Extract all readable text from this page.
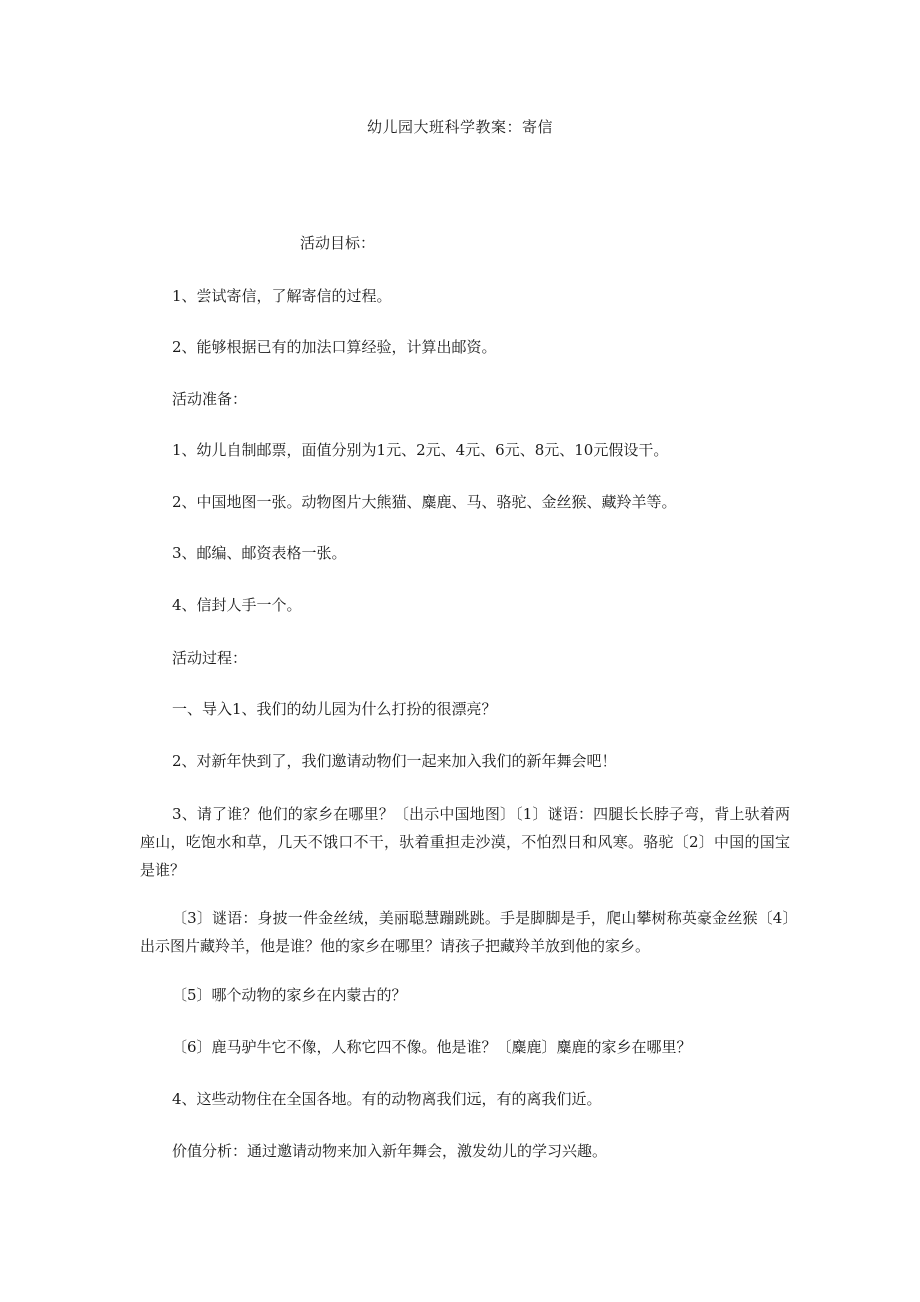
幼儿园大班科学教案：寄信
活动目标：
1、尝试寄信，了解寄信的过程。
2、能够根据已有的加法口算经验，计算出邮资。
活动准备：
1、幼儿自制邮票，面值分别为1元、2元、4元、6元、8元、10元假设干。
2、中国地图一张。动物图片大熊猫、麋鹿、马、骆驼、金丝猴、藏羚羊等。
3、邮编、邮资表格一张。
4、信封人手一个。
活动过程：
一、导入1、我们的幼儿园为什么打扮的很漂亮？
2、对新年快到了，我们邀请动物们一起来加入我们的新年舞会吧！
3、请了谁？他们的家乡在哪里？〔出示中国地图〕〔1〕谜语：四腿长长脖子弯，背上驮着两座山，吃饱水和草，几天不饿口不干，驮着重担走沙漠，不怕烈日和风寒。骆驼〔2〕中国的国宝是谁？
〔3〕谜语：身披一件金丝绒，美丽聪慧蹦跳跳。手是脚脚是手，爬山攀树称英豪金丝猴〔4〕出示图片藏羚羊，他是谁？他的家乡在哪里？请孩子把藏羚羊放到他的家乡。
〔5〕哪个动物的家乡在内蒙古的？
〔6〕鹿马驴牛它不像，人称它四不像。他是谁？〔麋鹿〕麋鹿的家乡在哪里？
4、这些动物住在全国各地。有的动物离我们远，有的离我们近。
价值分析：通过邀请动物来加入新年舞会，激发幼儿的学习兴趣。
